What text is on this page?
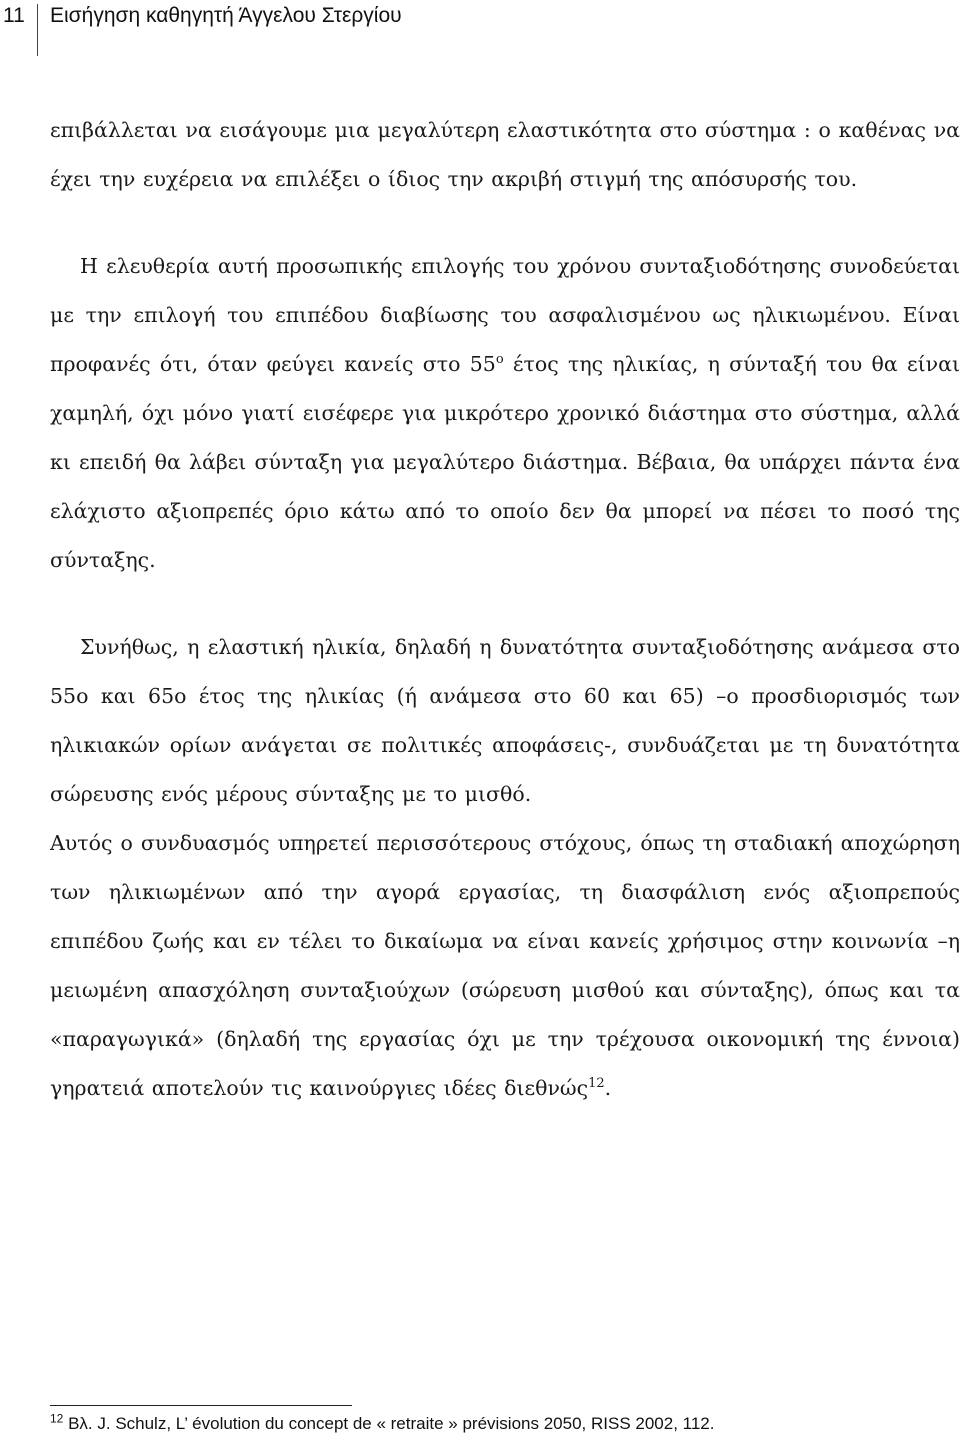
11 Εισήγηση καθηγητή Άγγελου Στεργίου

επιβάλλεται να εισάγουμε μια μεγαλύτερη ελαστικότητα στο σύστημα : ο καθένας να έχει την ευχέρεια να επιλέξει ο ίδιος την ακριβή στιγμή της απόσυρσής του.

Η ελευθερία αυτή προσωπικής επιλογής του χρόνου συνταξιοδότησης συνοδεύεται με την επιλογή του επιπέδου διαβίωσης του ασφαλισμένου ως ηλικιωμένου. Είναι προφανές ότι, όταν φεύγει κανείς στο $55^o$ έτος της ηλικίας, η σύνταξή του θα είναι χαμηλή, όχι μόνο γιατί εισέφερε για μικρότερο χρονικό διάστημα στο σύστημα, αλλά κι επειδή θα λάβει σύνταξη για μεγαλύτερο διάστημα. Βέβαια, θα υπάρχει πάντα ένα ελάχιστο αξιοπρεπές όριο κάτω από το οποίο δεν θα μπορεί να πέσει το ποσό της σύνταξης.

Συνήθως, η ελαστική ηλικία, δηλαδή η δυνατότητα συνταξιοδότησης ανάμεσα στο 55ο και 65ο έτος της ηλικίας (ή ανάμεσα στο 60 και 65) –ο προσδιορισμός των ηλικιακών ορίων ανάγεται σε πολιτικές αποφάσεις-, συνδυάζεται με τη δυνατότητα σώρευσης ενός μέρους σύνταξης με το μισθό.

Αυτός ο συνδυασμός υπηρετεί περισσότερους στόχους, όπως τη σταδιακή αποχώρηση των ηλικιωμένων από την αγορά εργασίας, τη διασφάλιση ενός αξιοπρεπούς επιπέδου ζωής και εν τέλει το δικαίωμα να είναι κανείς χρήσιμος στην κοινωνία –η μειωμένη απασχόληση συνταξιούχων (σώρευση μισθού και σύνταξης), όπως και τα «παραγωγικά» (δηλαδή της εργασίας όχι με την τρέχουσα οικονομική της έννοια) γηρατειά αποτελούν τις καινούργιες ιδέες διεθνώς$^{12}$.

$^{12}$ Βλ. J. Schulz, L’ évolution du concept de « retraite » prévisions 2050, RISS 2002, 112.
